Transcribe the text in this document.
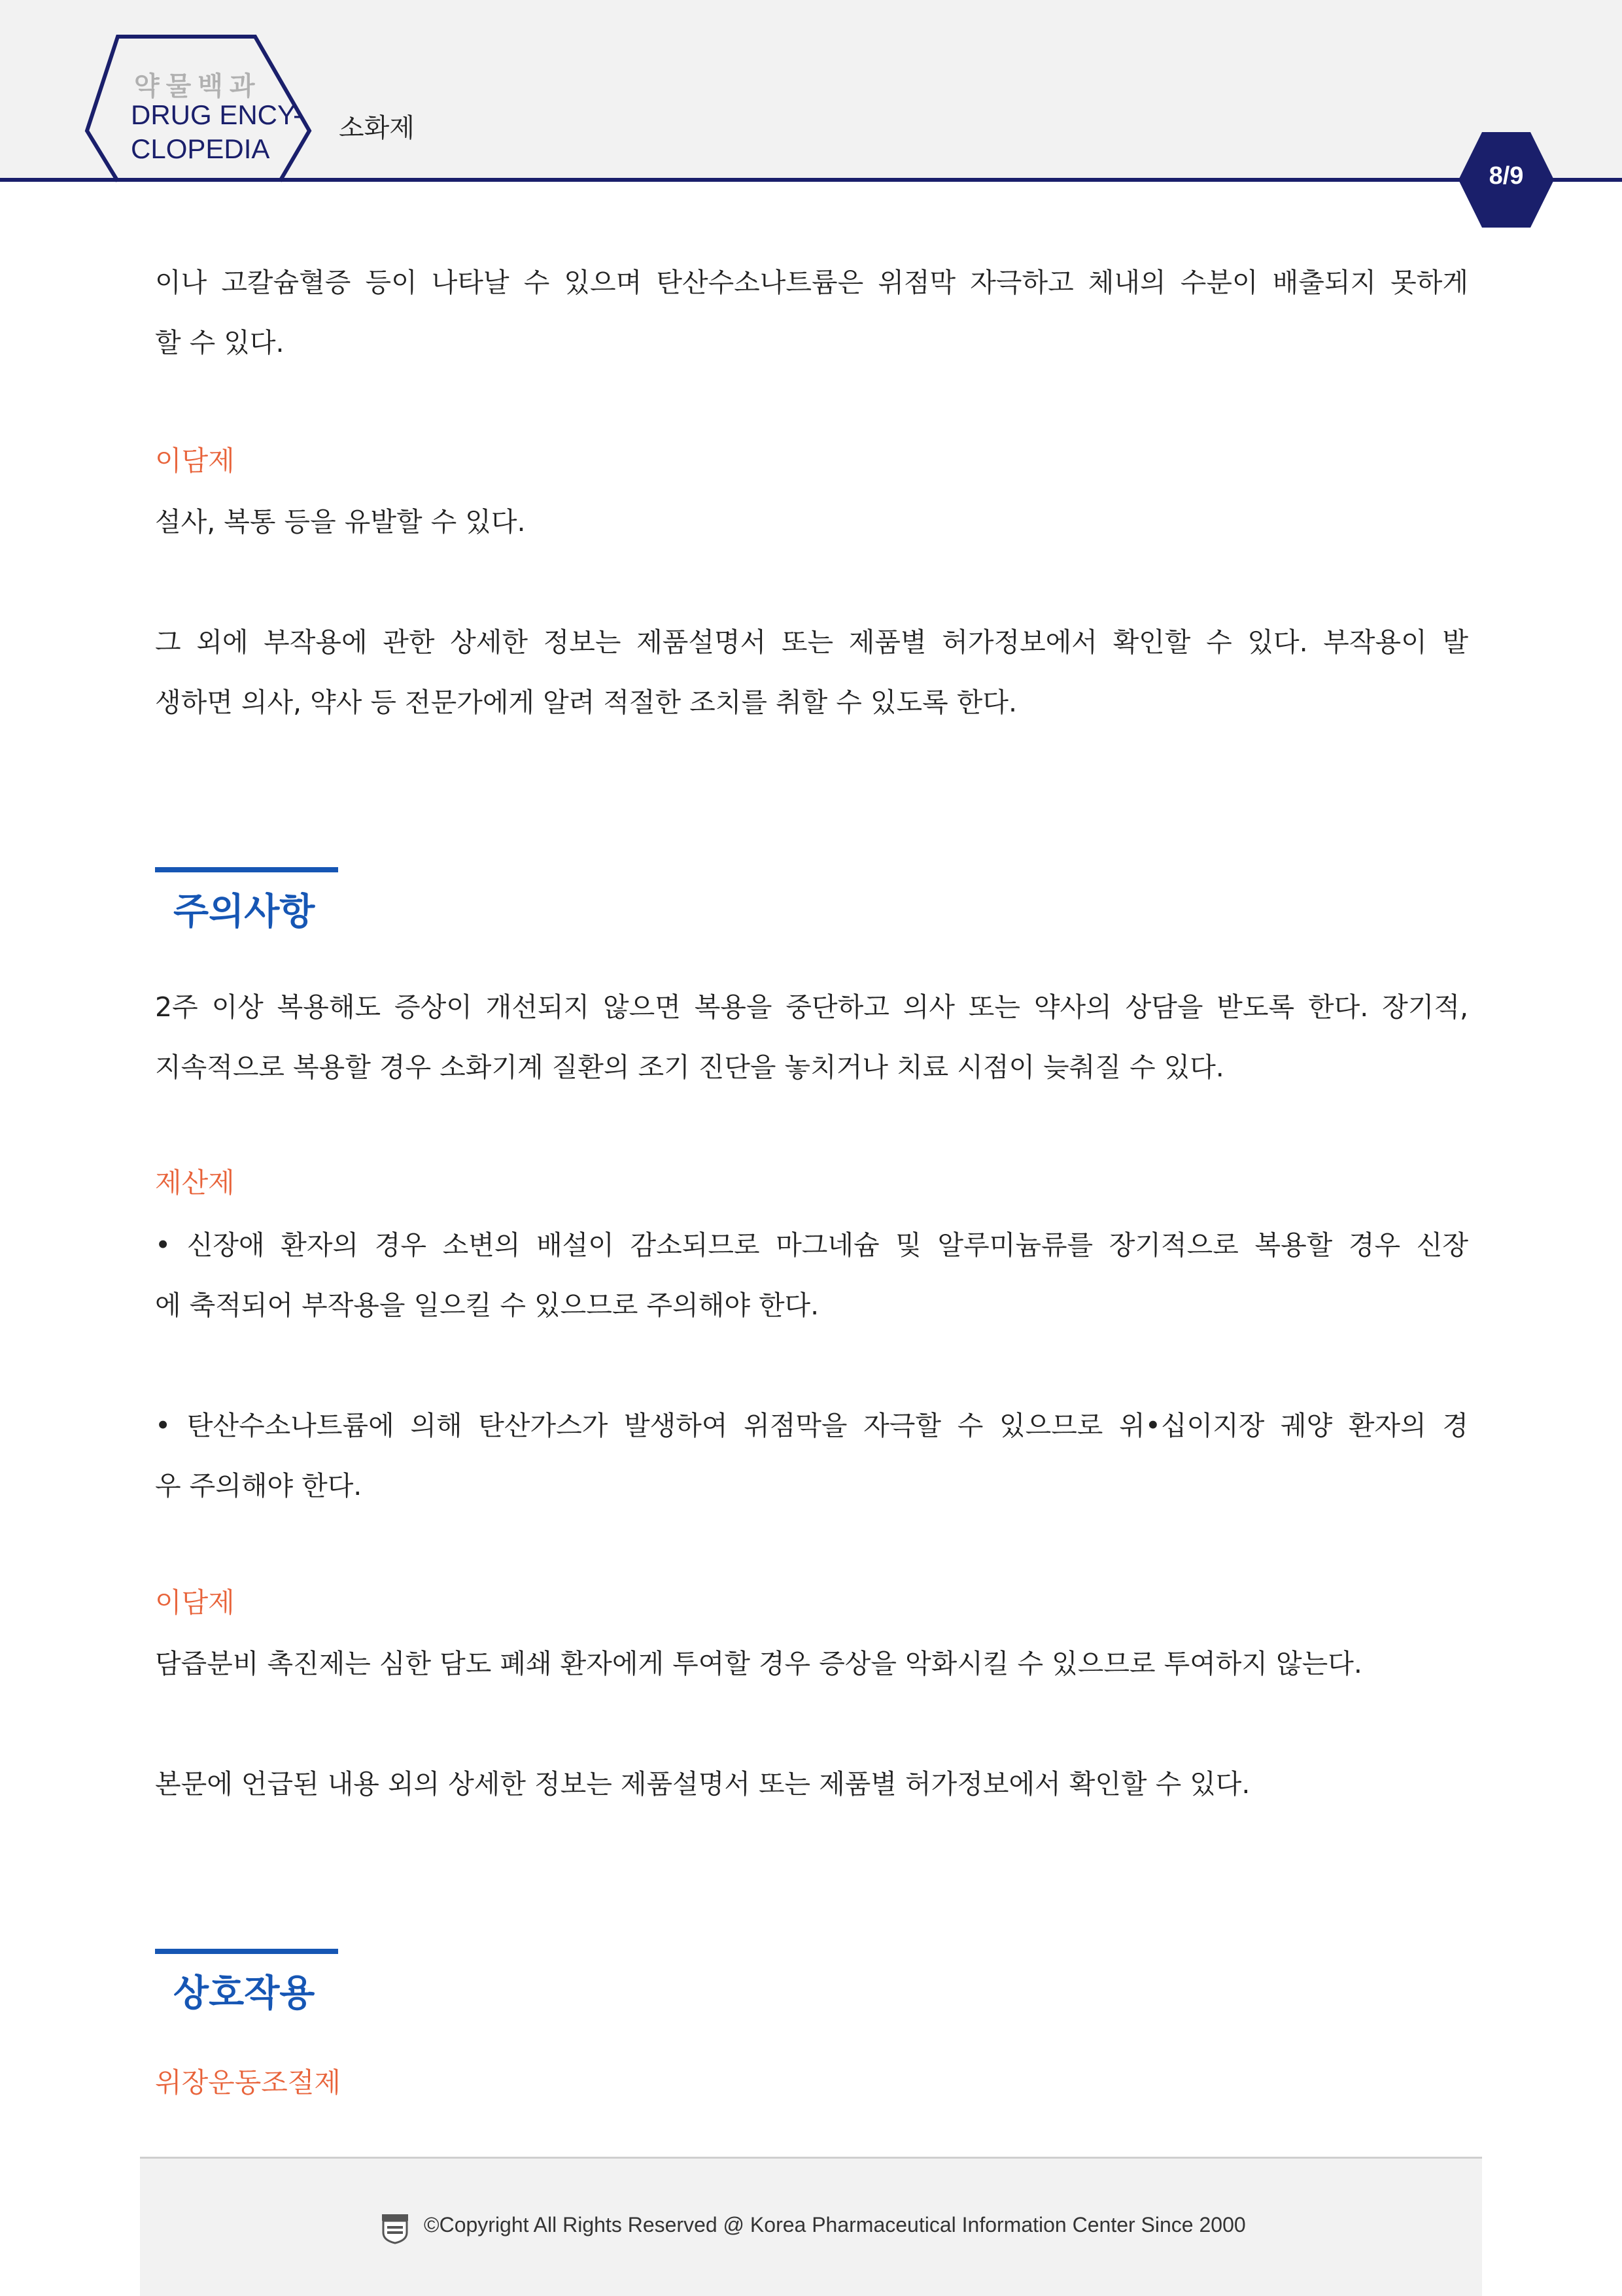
약물백과
DRUG ENCY-
CLOPEDIA
소화제
8/9
이나 고칼슘혈증 등이 나타날 수 있으며 탄산수소나트륨은 위점막 자극하고 체내의 수분이 배출되지 못하게
할 수 있다.
이담제
설사, 복통 등을 유발할 수 있다.
그 외에 부작용에 관한 상세한 정보는 제품설명서 또는 제품별 허가정보에서 확인할 수 있다. 부작용이 발
생하면 의사, 약사 등 전문가에게 알려 적절한 조치를 취할 수 있도록 한다.
주의사항
2주 이상 복용해도 증상이 개선되지 않으면 복용을 중단하고 의사 또는 약사의 상담을 받도록 한다. 장기적,
지속적으로 복용할 경우 소화기계 질환의 조기 진단을 놓치거나 치료 시점이 늦춰질 수 있다.
제산제
• 신장애 환자의 경우 소변의 배설이 감소되므로 마그네슘 및 알루미늄류를 장기적으로 복용할 경우 신장
에 축적되어 부작용을 일으킬 수 있으므로 주의해야 한다.
• 탄산수소나트륨에 의해 탄산가스가 발생하여 위점막을 자극할 수 있으므로 위•십이지장 궤양 환자의 경
우 주의해야 한다.
이담제
담즙분비 촉진제는 심한 담도 폐쇄 환자에게 투여할 경우 증상을 악화시킬 수 있으므로 투여하지 않는다.
본문에 언급된 내용 외의 상세한 정보는 제품설명서 또는 제품별 허가정보에서 확인할 수 있다.
상호작용
위장운동조절제
©Copyright All Rights Reserved @ Korea Pharmaceutical Information Center Since 2000
